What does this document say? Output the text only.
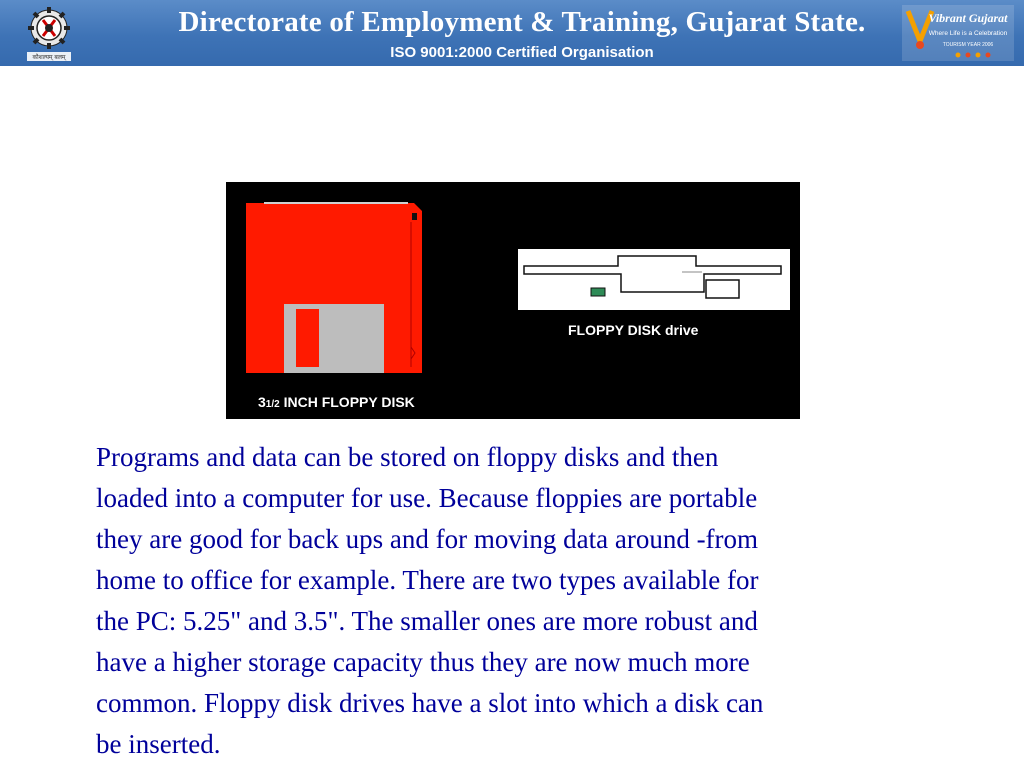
कौशल्यम् बलम्
Directorate of Employment & Training, Gujarat State.
ISO 9001:2000 Certified Organisation
Vibrant Gujarat
Where Life is a Celebration
TOURISM YEAR 2006
31/2 INCH FLOPPY DISK
FLOPPY DISK drive
Programs and data can be stored on floppy disks and then
loaded into a computer for use. Because floppies are portable
they are good for back ups and for moving data around -from
home to office for example. There are two types available for
the PC: 5.25" and 3.5". The smaller ones are more robust and
have a higher storage capacity thus they are now much more
common. Floppy disk drives have a slot into which a disk can
be inserted.
